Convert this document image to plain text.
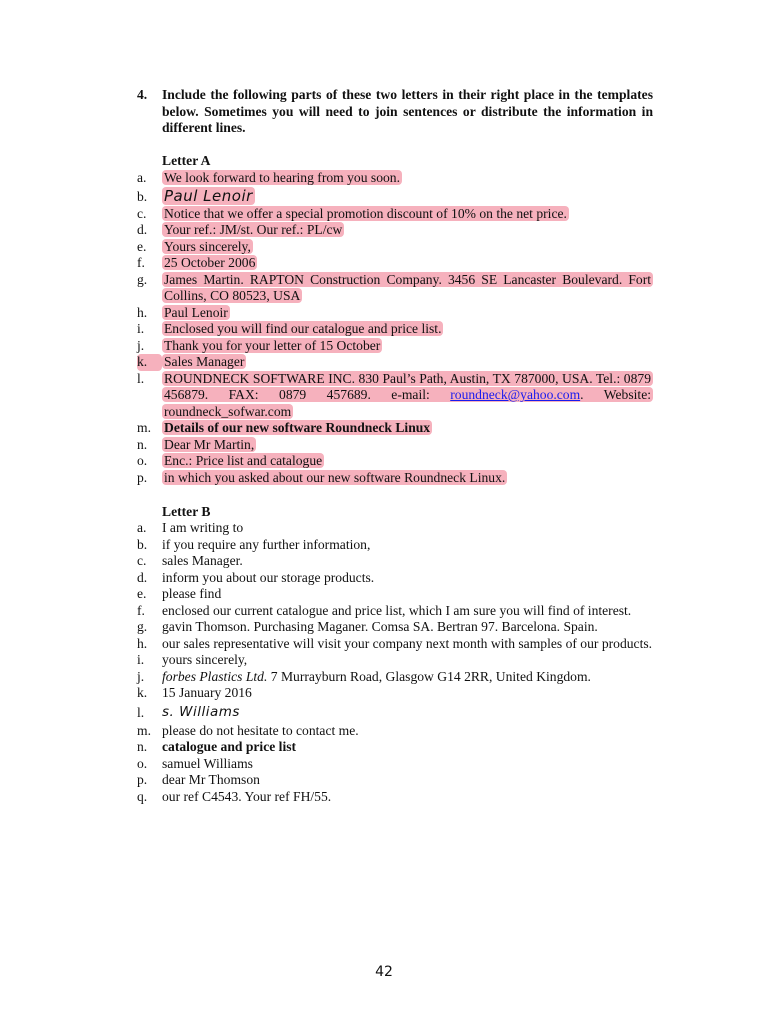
4. Include the following parts of these two letters in their right place in the templates below. Sometimes you will need to join sentences or distribute the information in different lines.
Letter A
a.	We look forward to hearing from you soon.
b.	Paul Lenoir
c.	Notice that we offer a special promotion discount of 10% on the net price.
d.	Your ref.: JM/st. Our ref.: PL/cw
e.	Yours sincerely,
f.	25 October 2006
g.	James Martin. RAPTON Construction Company. 3456 SE Lancaster Boulevard. Fort Collins, CO 80523, USA
h.	Paul Lenoir
i.	Enclosed you will find our catalogue and price list.
j.	Thank you for your letter of 15 October
k.	Sales Manager
l.	ROUNDNECK SOFTWARE INC. 830 Paul’s Path, Austin, TX 787000, USA. Tel.: 0879 456879. FAX: 0879 457689. e-mail: roundneck@yahoo.com. Website: roundneck_sofwar.com
m. Details of our new software Roundneck Linux
n.	Dear Mr Martin,
o.	Enc.: Price list and catalogue
p.	in which you asked about our new software Roundneck Linux.
Letter B
a.	I am writing to
b.	if you require any further information,
c.	sales Manager.
d.	inform you about our storage products.
e.	please find
f.	enclosed our current catalogue and price list, which I am sure you will find of interest.
g.	gavin Thomson. Purchasing Maganer. Comsa SA. Bertran 97. Barcelona. Spain.
h.	our sales representative will visit your company next month with samples of our products.
i.	yours sincerely,
j.	forbes Plastics Ltd. 7 Murrayburn Road, Glasgow G14 2RR, United Kingdom.
k.	15 January 2016
l.	s. Williams
m. please do not hesitate to contact me.
n.	catalogue and price list
o.	samuel Williams
p.	dear Mr Thomson
q.	our ref C4543. Your ref FH/55.
42
